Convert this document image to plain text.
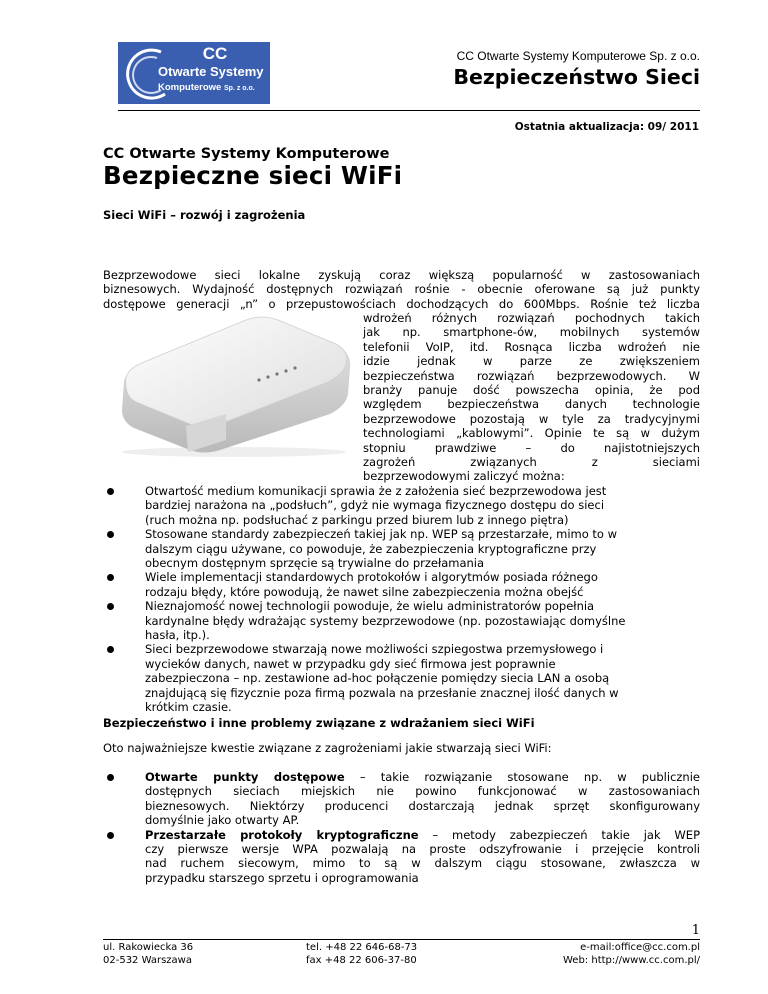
CC
Otwarte Systemy
Komputerowe Sp. z o.o.
CC Otwarte Systemy Komputerowe Sp. z o.o.
Bezpieczeństwo Sieci
Ostatnia aktualizacja: 09/ 2011
CC Otwarte Systemy Komputerowe
Bezpieczne sieci WiFi
Sieci WiFi – rozwój i zagrożenia
Bezprzewodowe sieci lokalne zyskują coraz większą popularność w zastosowaniach
biznesowych. Wydajność dostępnych rozwiązań rośnie - obecnie oferowane są już punkty
dostępowe generacji „n” o przepustowościach dochodzących do 600Mbps. Rośnie też liczba
wdrożeń różnych rozwiązań pochodnych takich
jak np. smartphone-ów, mobilnych systemów
telefonii VoIP, itd. Rosnąca liczba wdrożeń nie
idzie jednak w parze ze zwiększeniem
bezpieczeństwa rozwiązań bezprzewodowych. W
branży panuje dość powszecha opinia, że pod
względem bezpieczeństwa danych technologie
bezprzewodowe pozostają w tyle za tradycyjnymi
technologiami „kablowymi”. Opinie te są w dużym
stopniu prawdziwe – do najistotniejszych
zagrożeń związanych z sieciami
bezprzewodowymi zaliczyć można:
Otwartość medium komunikacji sprawia że z założenia sieć bezprzewodowa jest
bardziej narażona na „podsłuch”, gdyż nie wymaga fizycznego dostępu do sieci
(ruch można np. podsłuchać z parkingu przed biurem lub z innego piętra)
Stosowane standardy zabezpieczeń takiej jak np. WEP są przestarzałe, mimo to w
dalszym ciągu używane, co powoduje, że zabezpieczenia kryptograficzne przy
obecnym dostępnym sprzęcie są trywialne do przełamania
Wiele implementacji standardowych protokołów i algorytmów posiada różnego
rodzaju błędy, które powodują, że nawet silne zabezpieczenia można obejść
Nieznajomość nowej technologii powoduje, że wielu administratorów popełnia
kardynalne błędy wdrażając systemy bezprzewodowe (np. pozostawiając domyślne
hasła, itp.).
Sieci bezprzewodowe stwarzają nowe możliwości szpiegostwa przemysłowego i
wycieków danych, nawet w przypadku gdy sieć firmowa jest poprawnie
zabezpieczona – np. zestawione ad-hoc połączenie pomiędzy siecia LAN a osobą
znajdującą się fizycznie poza firmą pozwala na przesłanie znacznej ilość danych w
krótkim czasie.
Bezpieczeństwo i inne problemy związane z wdrażaniem sieci WiFi
Oto najważniejsze kwestie związane z zagrożeniami jakie stwarzają sieci WiFi:
Otwarte punkty dostępowe – takie rozwiązanie stosowane np. w publicznie
dostępnych sieciach miejskich nie powino funkcjonować w zastosowaniach
bieznesowych. Niektórzy producenci dostarczają jednak sprzęt skonfigurowany
domyślnie jako otwarty AP.
Przestarzałe protokoły kryptograficzne – metody zabezpieczeń takie jak WEP
czy pierwsze wersje WPA pozwalają na proste odszyfrowanie i przejęcie kontroli
nad ruchem siecowym, mimo to są w dalszym ciągu stosowane, zwłaszcza w
przypadku starszego sprzetu i oprogramowania
1
ul. Rakowiecka 36
02-532 Warszawa
tel. +48 22 646-68-73
fax +48 22 606-37-80
e-mail:office@cc.com.pl
Web: http://www.cc.com.pl/
